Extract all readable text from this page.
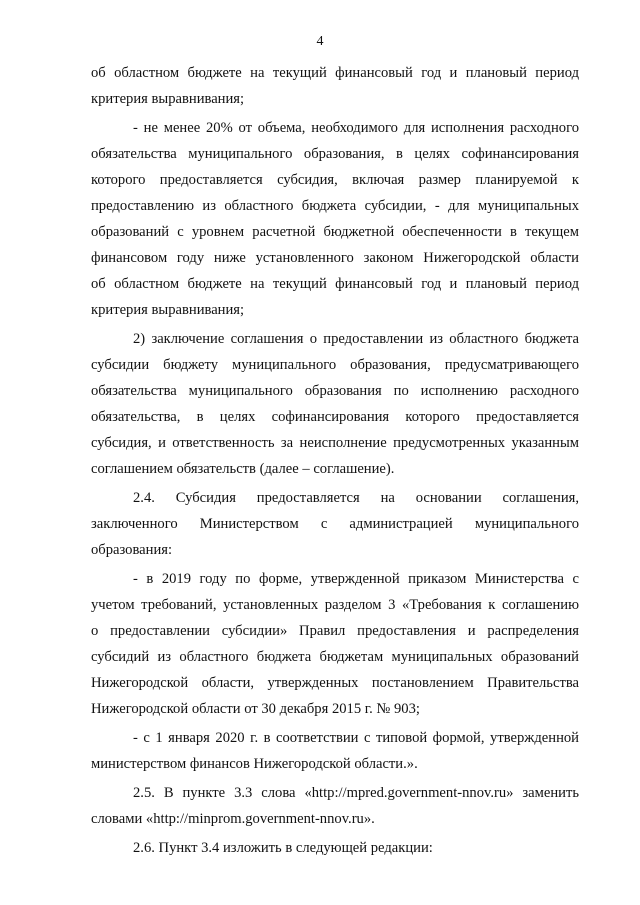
4
об областном бюджете на текущий финансовый год и плановый период
критерия выравнивания;
- не менее 20% от объема, необходимого для исполнения расходного
обязательства муниципального образования, в целях софинансирования
которого предоставляется субсидия, включая размер планируемой к
предоставлению из областного бюджета субсидии, - для муниципальных
образований с уровнем расчетной бюджетной обеспеченности в текущем
финансовом году ниже установленного законом Нижегородской области
об областном бюджете на текущий финансовый год и плановый период
критерия выравнивания;
2) заключение соглашения о предоставлении из областного бюджета
субсидии бюджету муниципального образования, предусматривающего
обязательства муниципального образования по исполнению расходного
обязательства, в целях софинансирования которого предоставляется
субсидия, и ответственность за неисполнение предусмотренных указанным
соглашением обязательств (далее – соглашение).
2.4. Субсидия предоставляется на основании соглашения,
заключенного Министерством с администрацией муниципального
образования:
- в 2019 году по форме, утвержденной приказом Министерства с
учетом требований, установленных разделом 3 «Требования к соглашению
о предоставлении субсидии» Правил предоставления и распределения
субсидий из областного бюджета бюджетам муниципальных образований
Нижегородской области, утвержденных постановлением Правительства
Нижегородской области от 30 декабря 2015 г. № 903;
- с 1 января 2020 г. в соответствии с типовой формой, утвержденной
министерством финансов Нижегородской области.».
2.5. В пункте 3.3 слова «http://mpred.government-nnov.ru» заменить
словами «http://minprom.government-nnov.ru».
2.6. Пункт 3.4 изложить в следующей редакции:
